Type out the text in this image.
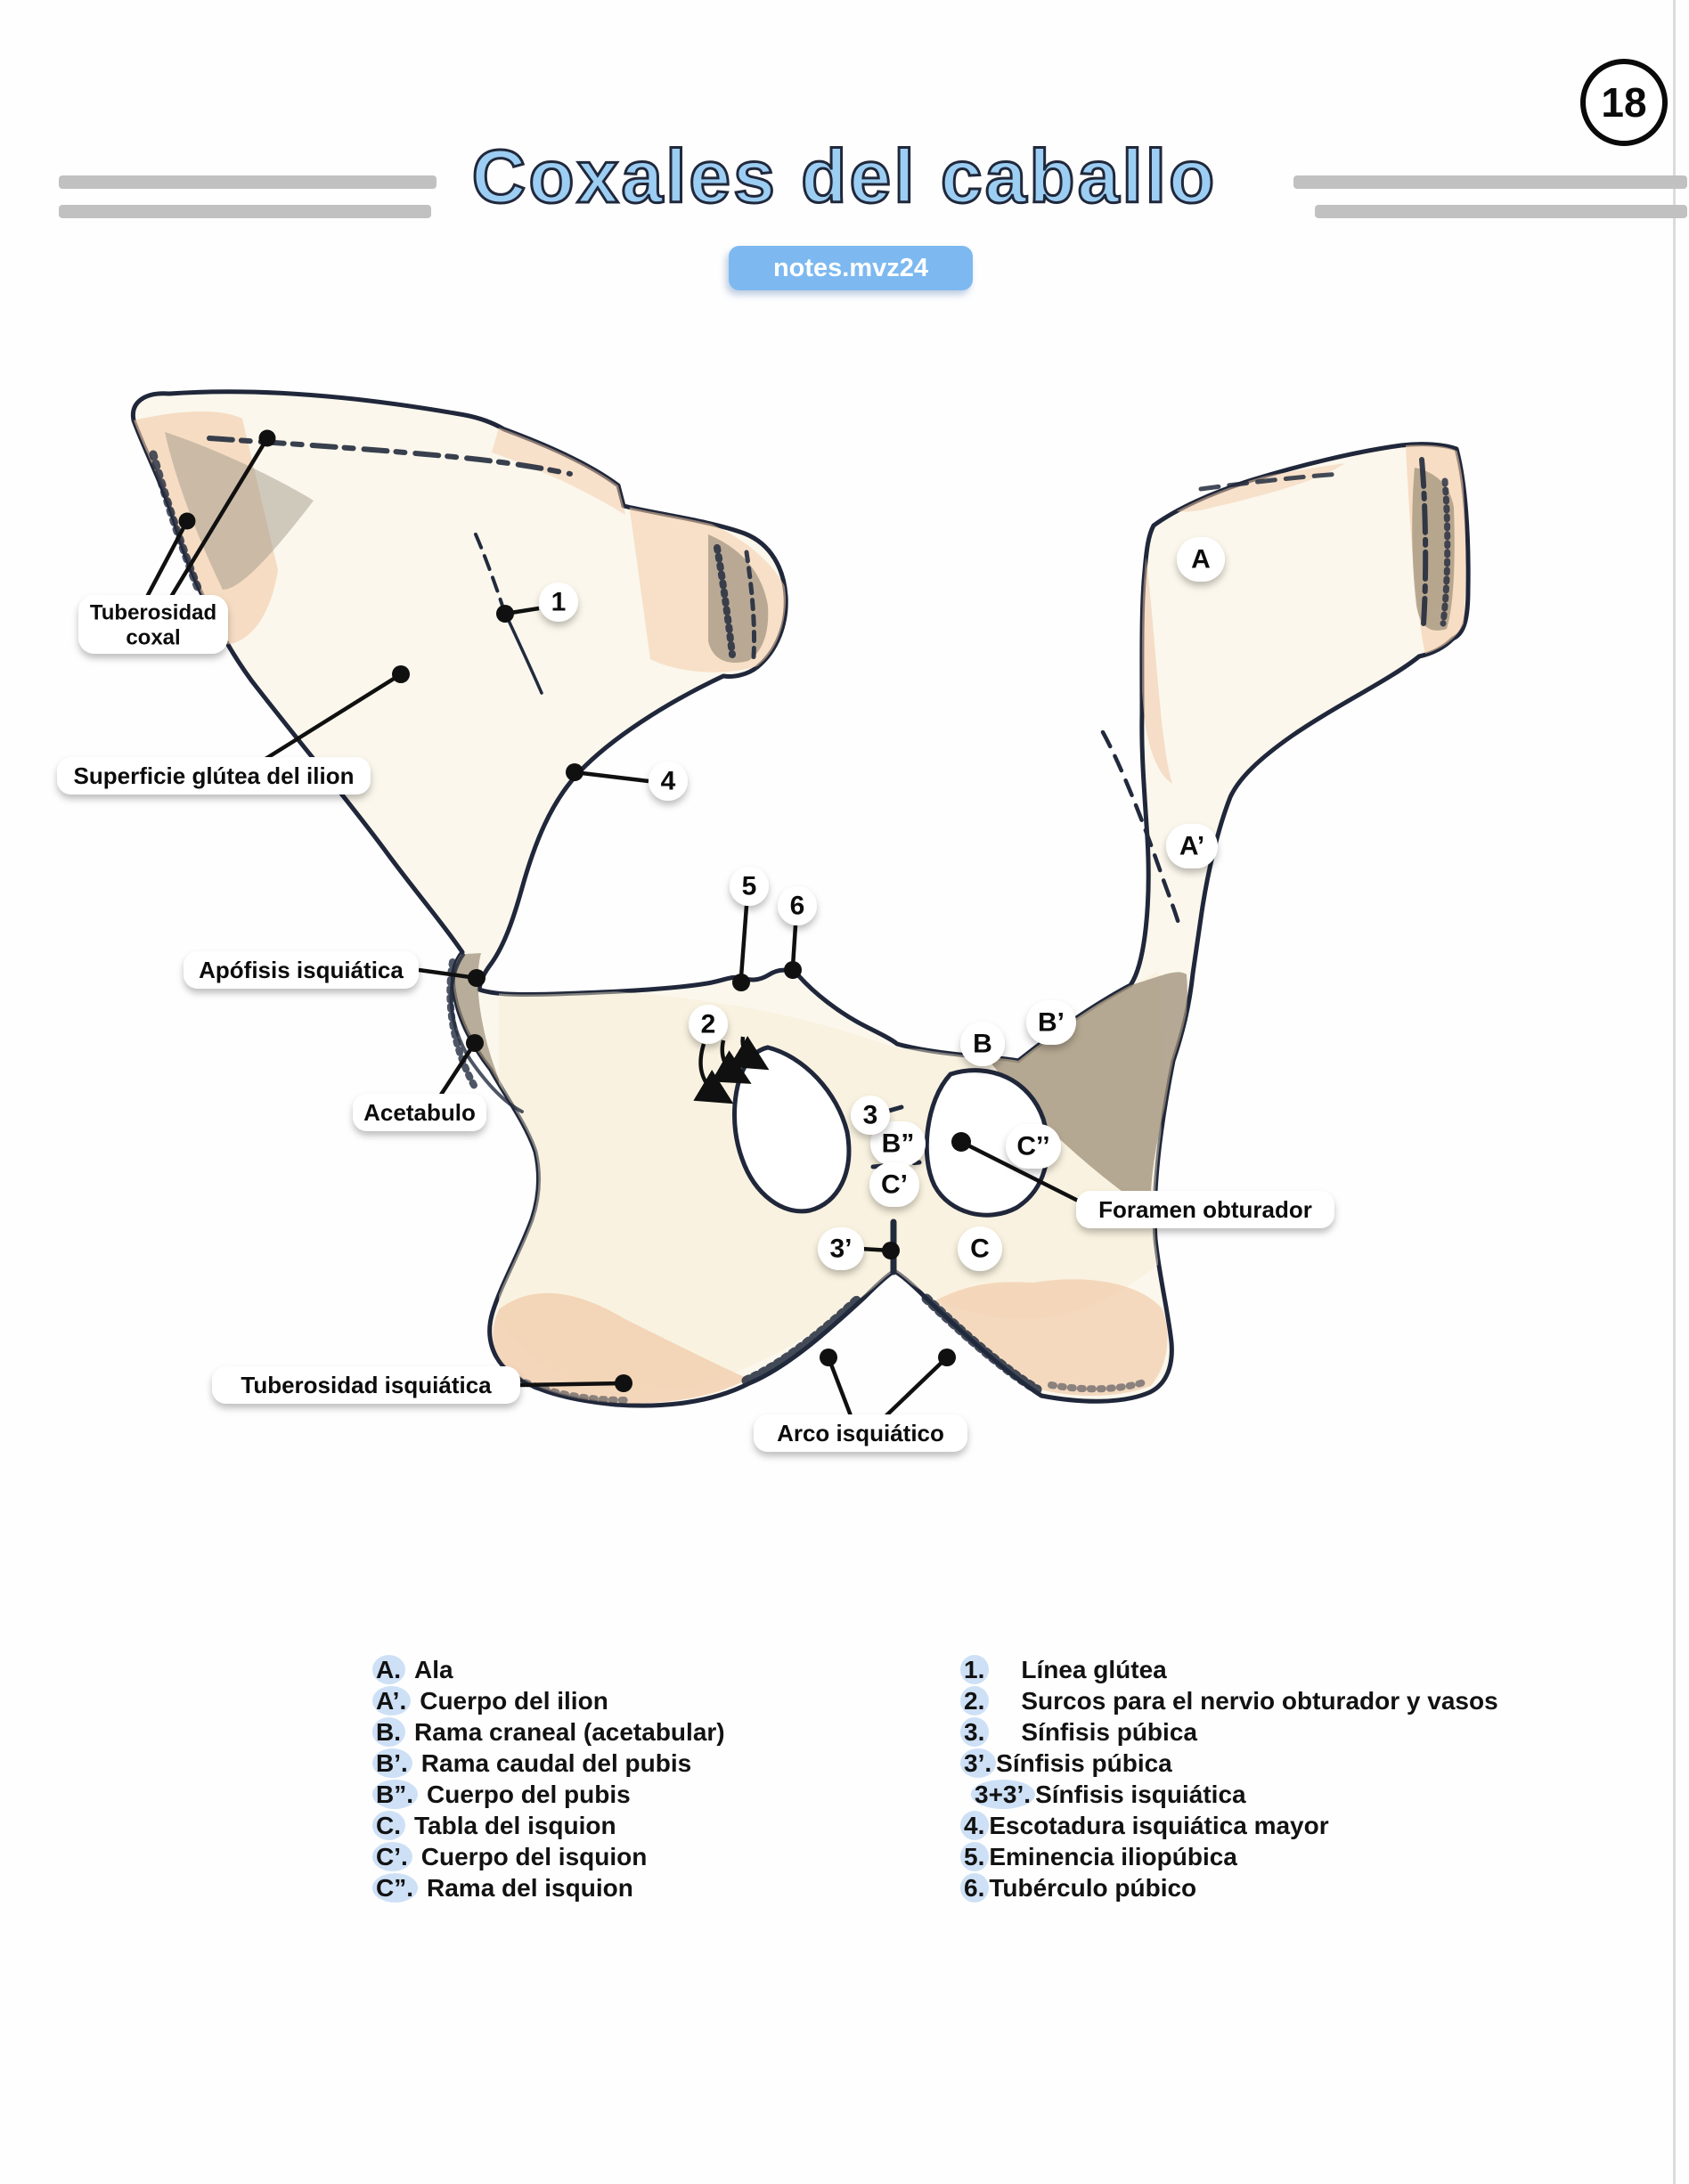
18
Coxales del caballo
notes.mvz24
Tuberosidad
coxal
Superficie glútea del ilion
Apófisis isquiática
Acetabulo
Foramen obturador
Tuberosidad isquiática
Arco isquiático
A
A’
B
B’
B”
C
C’
C’’
1
2
3
3’
4
5
6
A. Ala
A’. Cuerpo del ilion
B. Rama craneal (acetabular)
B’. Rama caudal del pubis
B”. Cuerpo del pubis
C. Tabla del isquion
C’. Cuerpo del isquion
C”. Rama del isquion
1. Línea glútea
2. Surcos para el nervio obturador y vasos
3. Sínfisis púbica
3’. Sínfisis púbica
3+3’. Sínfisis isquiática
4. Escotadura isquiática mayor
5. Eminencia iliopúbica
6. Tubérculo púbico
